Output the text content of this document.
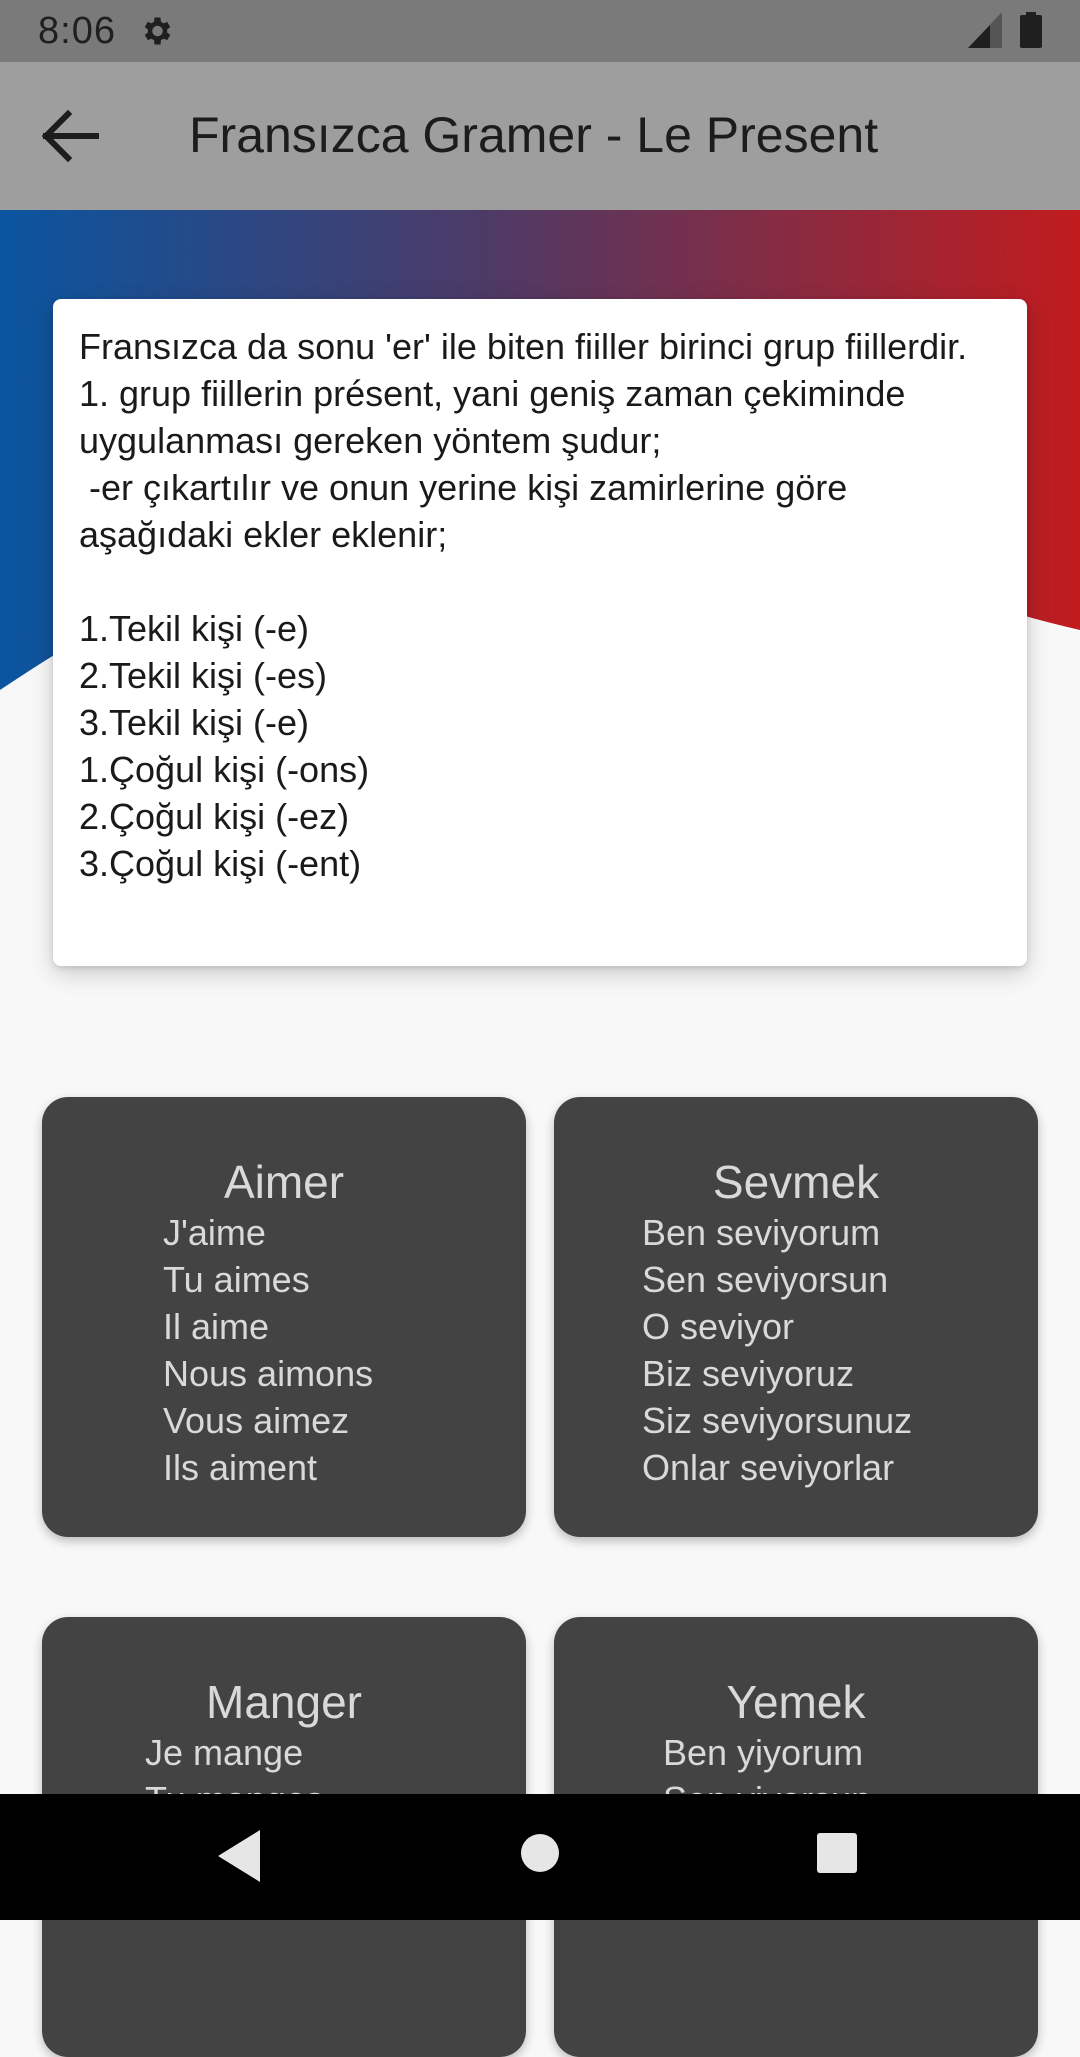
8:06
Fransızca Gramer - Le Present

Fransızca da sonu 'er' ile biten fiiller birinci grup fiillerdir. 1. grup fiillerin présent, yani geniş zaman çekiminde uygulanması gereken yöntem şudur;
-er çıkartılır ve onun yerine kişi zamirlerine göre aşağıdaki ekler eklenir;

1.Tekil kişi (-e)
2.Tekil kişi (-es)
3.Tekil kişi (-e)
1.Çoğul kişi (-ons)
2.Çoğul kişi (-ez)
3.Çoğul kişi (-ent)

Aimer
J'aime
Tu aimes
Il aime
Nous aimons
Vous aimez
Ils aiment
Sevmek
Ben seviyorum
Sen seviyorsun
O seviyor
Biz seviyoruz
Siz seviyorsunuz
Onlar seviyorlar
Manger
Je mange
Yemek
Ben yiyorum
